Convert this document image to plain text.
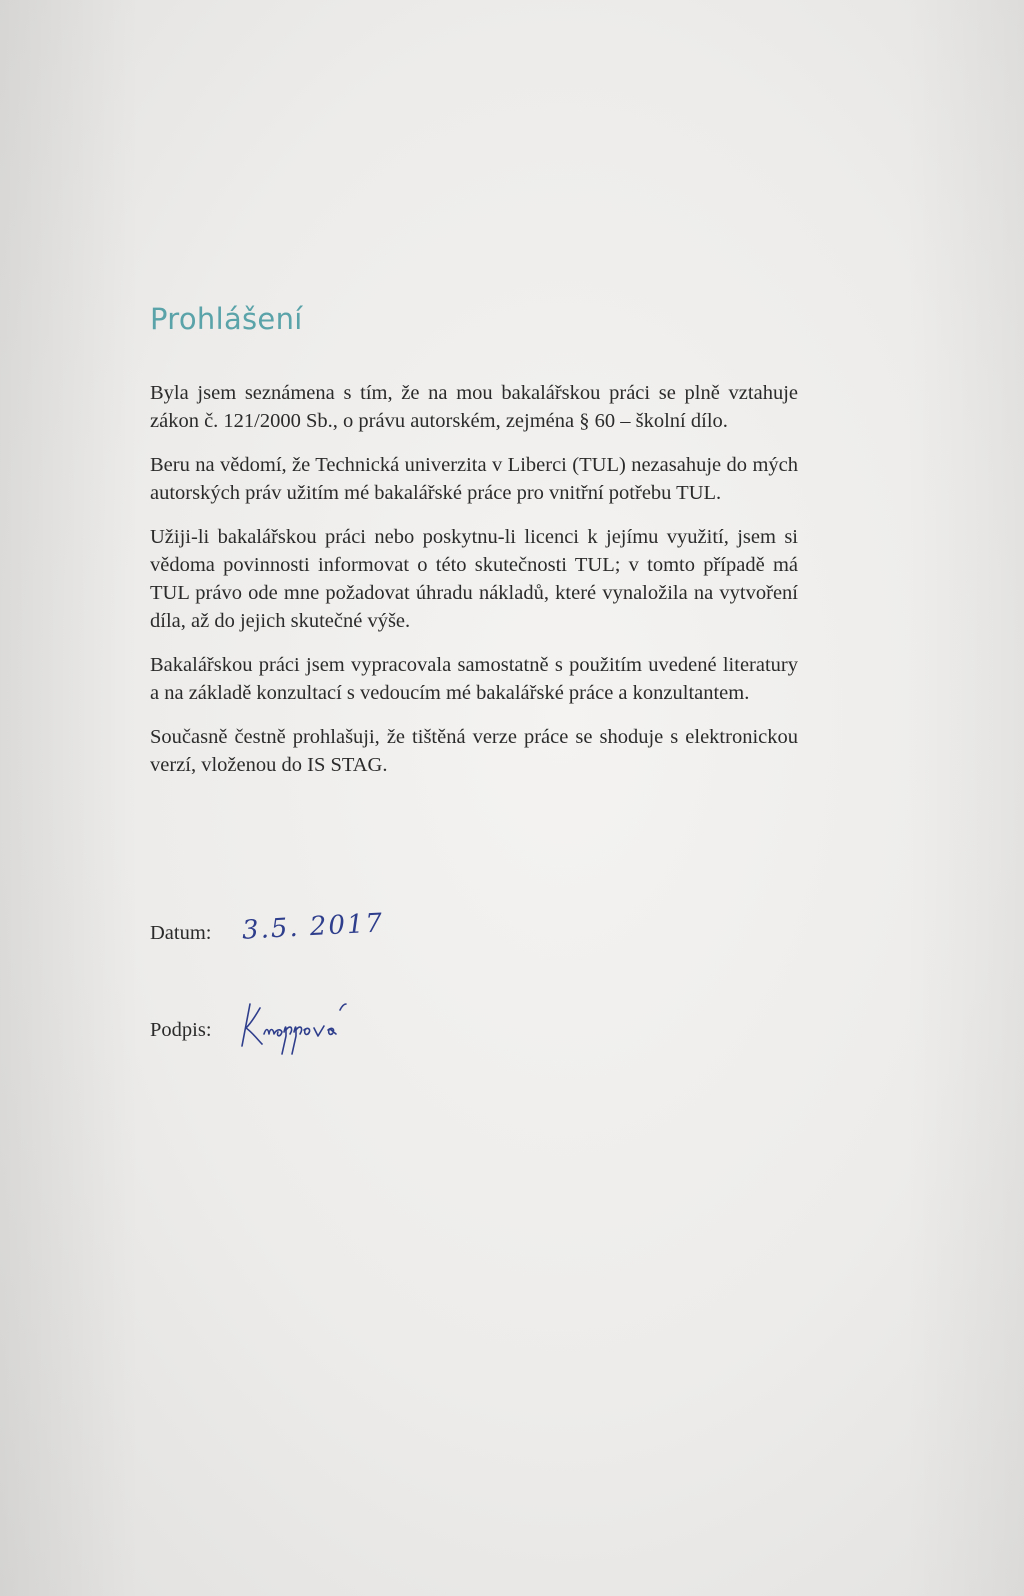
Prohlášení

Byla jsem seznámena s tím, že na mou bakalářskou práci se plně vztahuje zákon č. 121/2000 Sb., o právu autorském, zejména § 60 – školní dílo.

Beru na vědomí, že Technická univerzita v Liberci (TUL) nezasahuje do mých autorských práv užitím mé bakalářské práce pro vnitřní potřebu TUL.

Užiji-li bakalářskou práci nebo poskytnu-li licenci k jejímu využití, jsem si vědoma povinnosti informovat o této skutečnosti TUL; v tomto případě má TUL právo ode mne požadovat úhradu nákladů, které vynaložila na vytvoření díla, až do jejich skutečné výše.

Bakalářskou práci jsem vypracovala samostatně s použitím uvedené literatury a na základě konzultací s vedoucím mé bakalářské práce a konzultantem.

Současně čestně prohlašuji, že tištěná verze práce se shoduje s elektronickou verzí, vloženou do IS STAG.

Datum: 3.5. 2017
Podpis:
